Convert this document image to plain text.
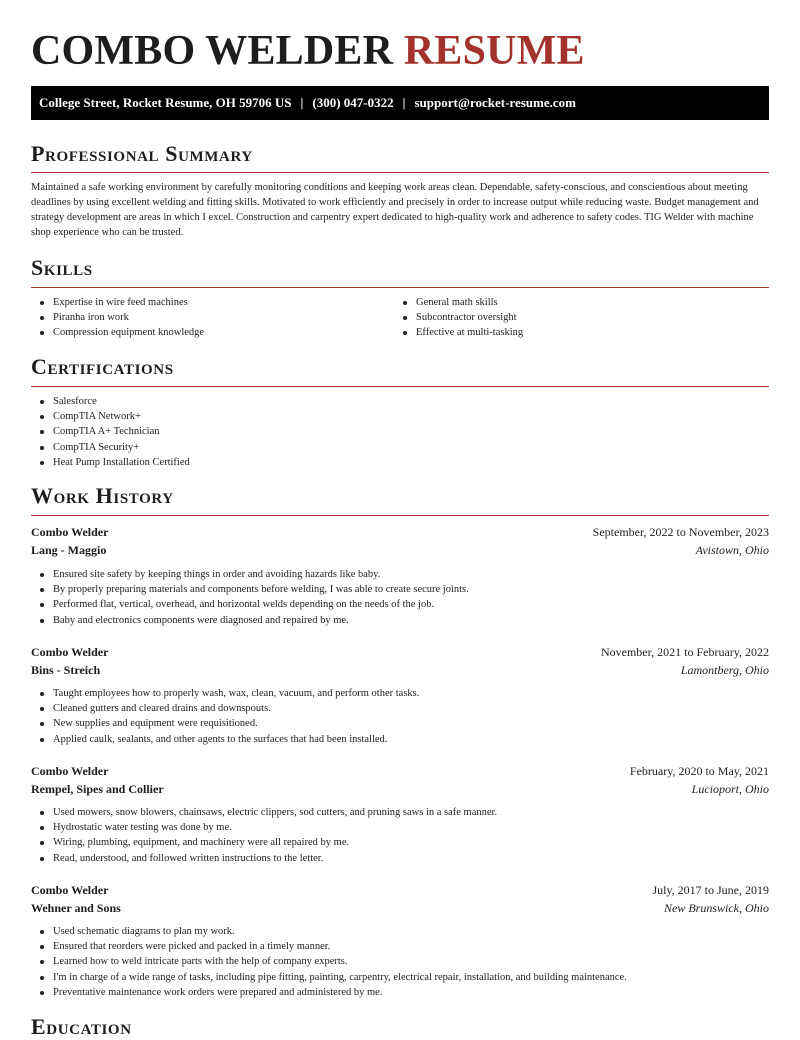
COMBO WELDER RESUME
College Street, Rocket Resume, OH 59706 US | (300) 047-0322 | support@rocket-resume.com
Professional Summary

Maintained a safe working environment by carefully monitoring conditions and keeping work areas clean. Dependable, safety-conscious, and conscientious about meeting deadlines by using excellent welding and fitting skills. Motivated to work efficiently and precisely in order to increase output while reducing waste. Budget management and strategy development are areas in which I excel. Construction and carpentry expert dedicated to high-quality work and adherence to safety codes. TIG Welder with machine shop experience who can be trusted.

Skills
Expertise in wire feed machines
Piranha iron work
Compression equipment knowledge
General math skills
Subcontractor oversight
Effective at multi-tasking
Certifications
Salesforce
CompTIA Network+
CompTIA A+ Technician
CompTIA Security+
Heat Pump Installation Certified
Work History
Combo Welder	September, 2022 to November, 2023
Lang - Maggio	Avistown, Ohio
Ensured site safety by keeping things in order and avoiding hazards like baby.
By properly preparing materials and components before welding, I was able to create secure joints.
Performed flat, vertical, overhead, and horizontal welds depending on the needs of the job.
Baby and electronics components were diagnosed and repaired by me.
Combo Welder	November, 2021 to February, 2022
Bins - Streich	Lamontberg, Ohio
Taught employees how to properly wash, wax, clean, vacuum, and perform other tasks.
Cleaned gutters and cleared drains and downspouts.
New supplies and equipment were requisitioned.
Applied caulk, sealants, and other agents to the surfaces that had been installed.
Combo Welder	February, 2020 to May, 2021
Rempel, Sipes and Collier	Lucioport, Ohio
Used mowers, snow blowers, chainsaws, electric clippers, sod cutters, and pruning saws in a safe manner.
Hydrostatic water testing was done by me.
Wiring, plumbing, equipment, and machinery were all repaired by me.
Read, understood, and followed written instructions to the letter.
Combo Welder	July, 2017 to June, 2019
Wehner and Sons	New Brunswick, Ohio
Used schematic diagrams to plan my work.
Ensured that reorders were picked and packed in a timely manner.
Learned how to weld intricate parts with the help of company experts.
I'm in charge of a wide range of tasks, including pipe fitting, painting, carpentry, electrical repair, installation, and building maintenance.
Preventative maintenance work orders were prepared and administered by me.
Education
